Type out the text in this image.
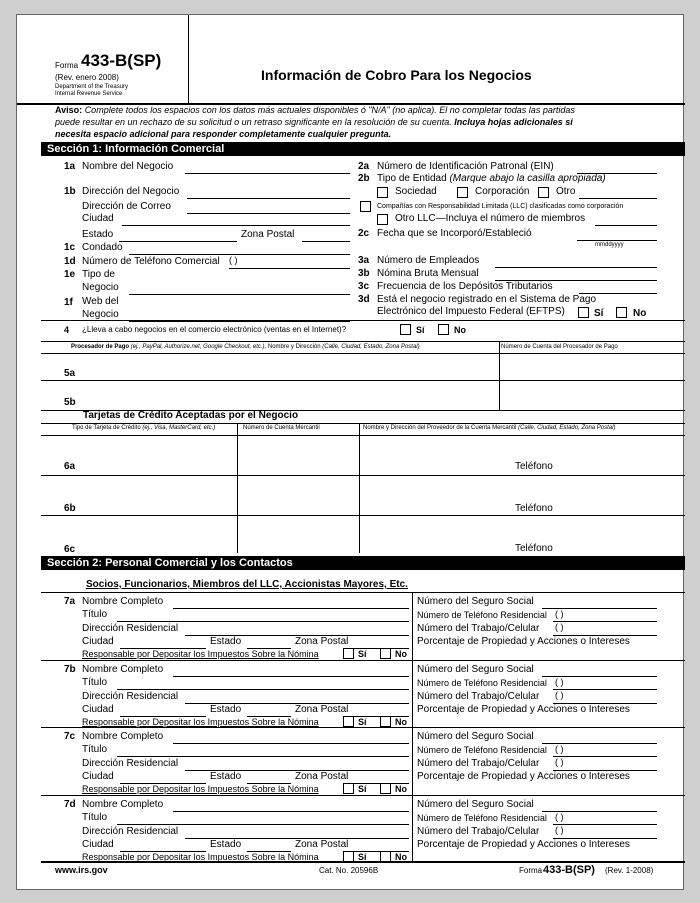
Forma 433-B(SP)
(Rev. enero 2008)
Department of the Treasury
Internal Revenue Service
Información de Cobro Para los Negocios
Aviso: Complete todos los espacios con los datos más actuales disponibles ó "N/A" (no aplica). El no completar todas las partidas
puede resultar en un rechazo de su solicitud o un retraso significante en la resolución de su cuenta. Incluya hojas adicionales si
necesita espacio adicional para responder completamente cualquier pregunta.
Sección 1: Información Comercial
1a Nombre del Negocio
1b Dirección del Negocio
Dirección de Correo
Ciudad
Estado	Zona Postal
1c Condado
1d Número de Teléfono Comercial ( )
1e Tipo de
Negocio
1f Web del
Negocio
2a Número de Identificación Patronal (EIN)
2b Tipo de Entidad (Marque abajo la casilla apropiada)
Sociedad	Corporación	Otro
Compañías con Responsabilidad Limitada (LLC) clasificadas como corporación
Otro LLC—Incluya el número de miembros
2c Fecha que se Incorporó/Estableció
mmddyyyy
3a Número de Empleados
3b Nómina Bruta Mensual
3c Frecuencia de los Depósitos Tributarios
3d Está el negocio registrado en el Sistema de Pago
Electrónico del Impuesto Federal (EFTPS)	Sí	No
4 ¿Lleva a cabo negocios en el comercio electrónico (ventas en el Internet)?	Sí	No
Procesador de Pago (ej., PayPal, Authorize.net, Google Checkout, etc.), Nombre y Dirección (Calle, Ciudad, Estado, Zona Postal)	Número de Cuenta del Procesador de Pago
5a
5b
Tarjetas de Crédito Aceptadas por el Negocio
Tipo de Tarjeta de Crédito (ej., Visa, MasterCard, etc.)	Número de Cuenta Mercantil	Nombre y Dirección del Proveedor de la Cuenta Mercantil (Calle, Ciudad, Estado, Zona Postal)
6a	Teléfono
6b	Teléfono
6c	Teléfono
Sección 2: Personal Comercial y los Contactos
Socios, Funcionarios, Miembros del LLC, Accionistas Mayores, Etc.
7a Nombre Completo
Título
Dirección Residencial
Ciudad	Estado	Zona Postal
Responsable por Depositar los Impuestos Sobre la Nómina	Sí	No
Número del Seguro Social
Número de Teléfono Residencial ( )
Número del Trabajo/Celular ( )
Porcentaje de Propiedad y Acciones o Intereses
7b Nombre Completo
Título
Dirección Residencial
Ciudad	Estado	Zona Postal
Responsable por Depositar los Impuestos Sobre la Nómina	Sí	No
Número del Seguro Social
Número de Teléfono Residencial ( )
Número del Trabajo/Celular ( )
Porcentaje de Propiedad y Acciones o Intereses
7c Nombre Completo
Título
Dirección Residencial
Ciudad	Estado	Zona Postal
Responsable por Depositar los Impuestos Sobre la Nómina	Sí	No
Número del Seguro Social
Número de Teléfono Residencial ( )
Número del Trabajo/Celular ( )
Porcentaje de Propiedad y Acciones o Intereses
7d Nombre Completo
Título
Dirección Residencial
Ciudad	Estado	Zona Postal
Responsable por Depositar los Impuestos Sobre la Nómina	Sí	No
Número del Seguro Social
Número de Teléfono Residencial ( )
Número del Trabajo/Celular ( )
Porcentaje de Propiedad y Acciones o Intereses
www.irs.gov	Cat. No. 20596B	Forma 433-B(SP) (Rev. 1-2008)
